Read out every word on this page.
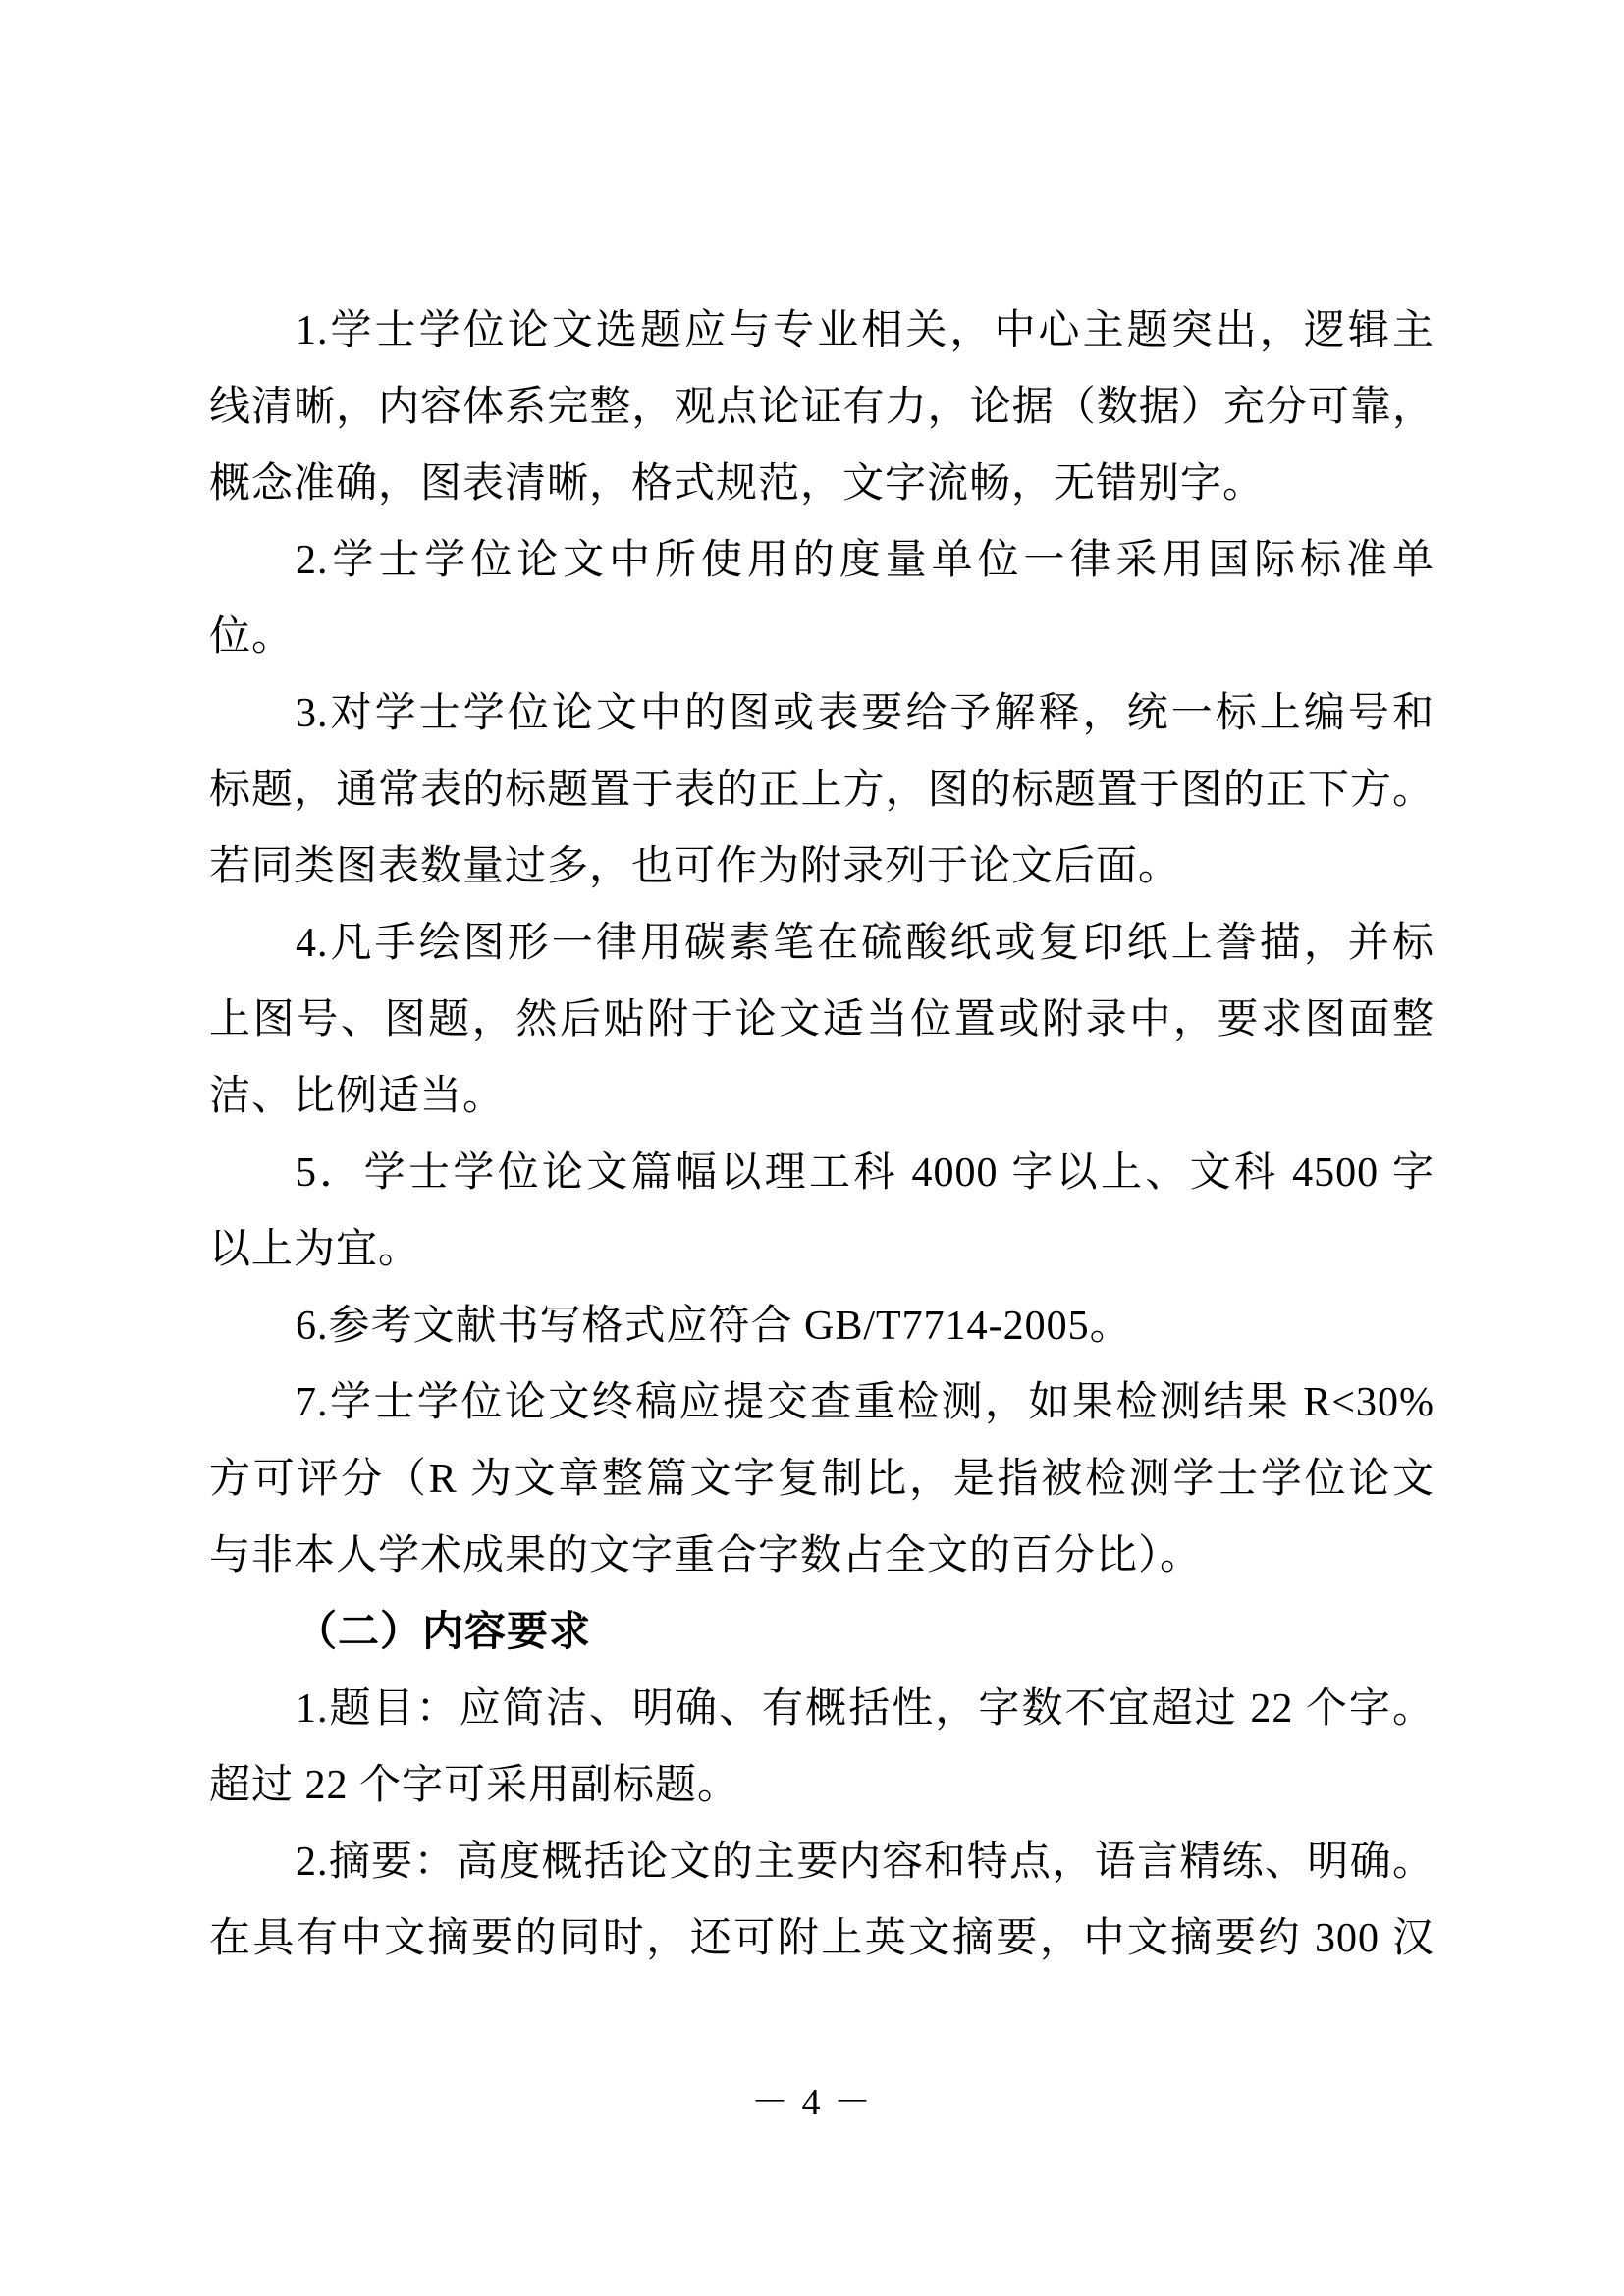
1.学士学位论文选题应与专业相关，中心主题突出，逻辑主
线清晰，内容体系完整，观点论证有力，论据（数据）充分可靠，
概念准确，图表清晰，格式规范，文字流畅，无错别字。
2.学士学位论文中所使用的度量单位一律采用国际标准单
位。
3.对学士学位论文中的图或表要给予解释，统一标上编号和
标题，通常表的标题置于表的正上方，图的标题置于图的正下方。
若同类图表数量过多，也可作为附录列于论文后面。
4.凡手绘图形一律用碳素笔在硫酸纸或复印纸上誊描，并标
上图号、图题，然后贴附于论文适当位置或附录中，要求图面整
洁、比例适当。
5．学士学位论文篇幅以理工科 4000 字以上、文科 4500 字
以上为宜。
6.参考文献书写格式应符合 GB/T7714-2005。
7.学士学位论文终稿应提交查重检测，如果检测结果 R<30%
方可评分（R 为文章整篇文字复制比，是指被检测学士学位论文
与非本人学术成果的文字重合字数占全文的百分比）。
（二）内容要求
1.题目：应简洁、明确、有概括性，字数不宜超过 22 个字。
超过 22 个字可采用副标题。
2.摘要：高度概括论文的主要内容和特点，语言精练、明确。
在具有中文摘要的同时，还可附上英文摘要，中文摘要约 300 汉
－ 4 －
